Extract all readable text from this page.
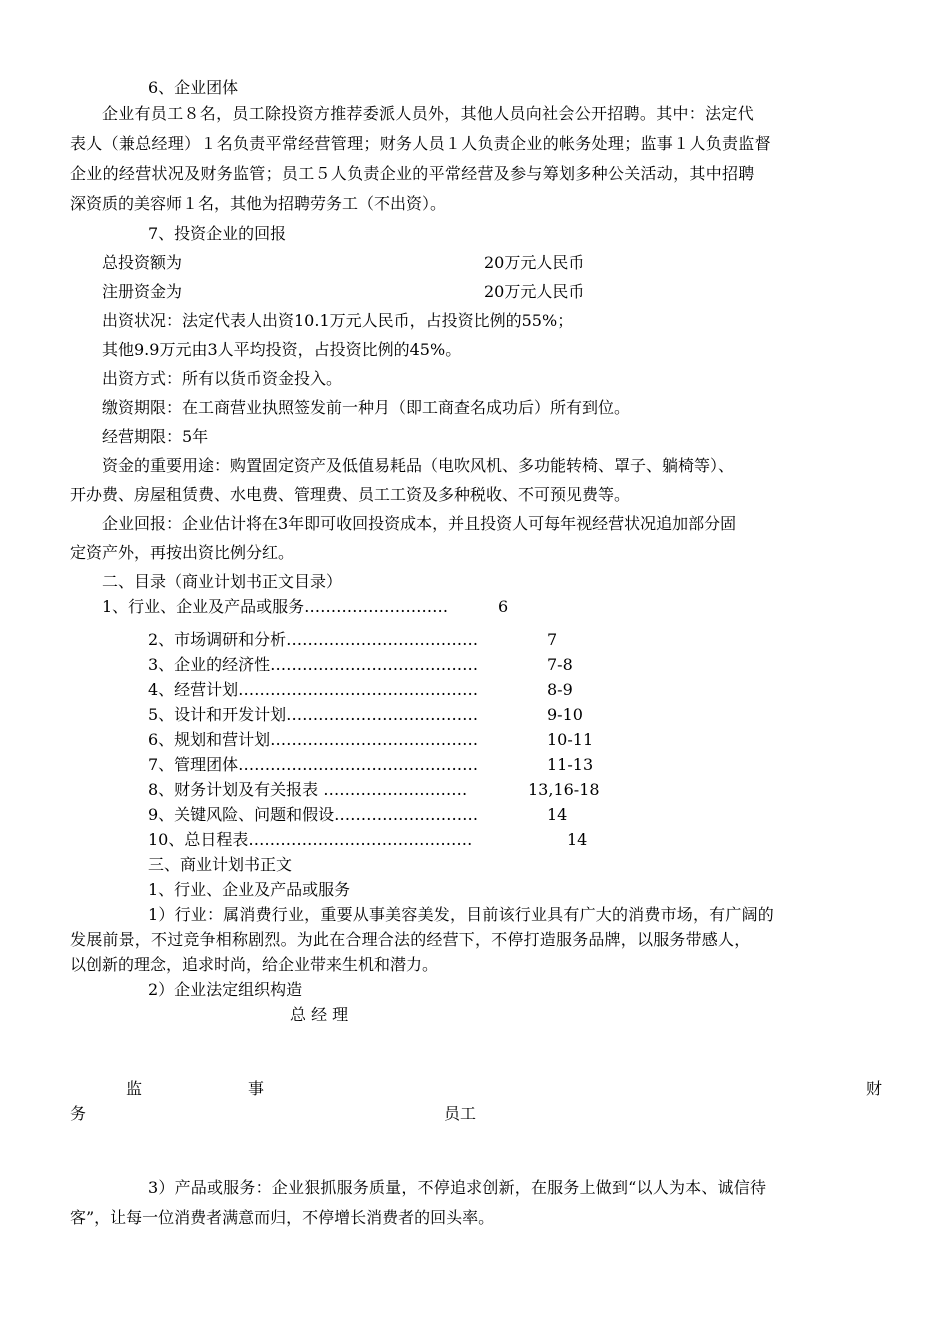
6、企业团体
企业有员工８名，员工除投资方推荐委派人员外，其他人员向社会公开招聘。其中：法定代
表人（兼总经理）１名负责平常经营管理；财务人员１人负责企业的帐务处理；监事１人负责监督
企业的经营状况及财务监管；员工５人负责企业的平常经营及参与筹划多种公关活动，其中招聘
深资质的美容师１名，其他为招聘劳务工（不出资）。
7、投资企业的回报
总投资额为	20万元人民币
注册资金为	20万元人民币
出资状况：法定代表人出资10.1万元人民币，占投资比例的55%；
其他9.9万元由3人平均投资，占投资比例的45%。
出资方式：所有以货币资金投入。
缴资期限：在工商营业执照签发前一种月（即工商查名成功后）所有到位。
经营期限：5年
资金的重要用途：购置固定资产及低值易耗品（电吹风机、多功能转椅、罩子、躺椅等）、
开办费、房屋租赁费、水电费、管理费、员工工资及多种税收、不可预见费等。
企业回报：企业估计将在3年即可收回投资成本，并且投资人可每年视经营状况追加部分固
定资产外，再按出资比例分红。
二、目录（商业计划书正文目录）
1、行业、企业及产品或服务………………………	6
2、市场调研和分析………………………………	7
3、企业的经济性…………………………………	7-8
4、经营计划………………………………………	8-9
5、设计和开发计划………………………………	9-10
6、规划和营计划…………………………………	10-11
7、管理团体………………………………………	11-13
8、财务计划及有关报表 ………………………	13,16-18
9、关键风险、问题和假设………………………	14
10、总日程表……………………………………	14
三、商业计划书正文
1、行业、企业及产品或服务
1）行业：属消费行业，重要从事美容美发，目前该行业具有广大的消费市场，有广阔的
发展前景，不过竞争相称剧烈。为此在合理合法的经营下，不停打造服务品牌，以服务带感人，
以创新的理念，追求时尚，给企业带来生机和潜力。
2）企业法定组织构造
总 经 理
监	事	财
务	员工
3）产品或服务：企业狠抓服务质量，不停追求创新，在服务上做到“以人为本、诚信待
客”，让每一位消费者满意而归，不停增长消费者的回头率。
